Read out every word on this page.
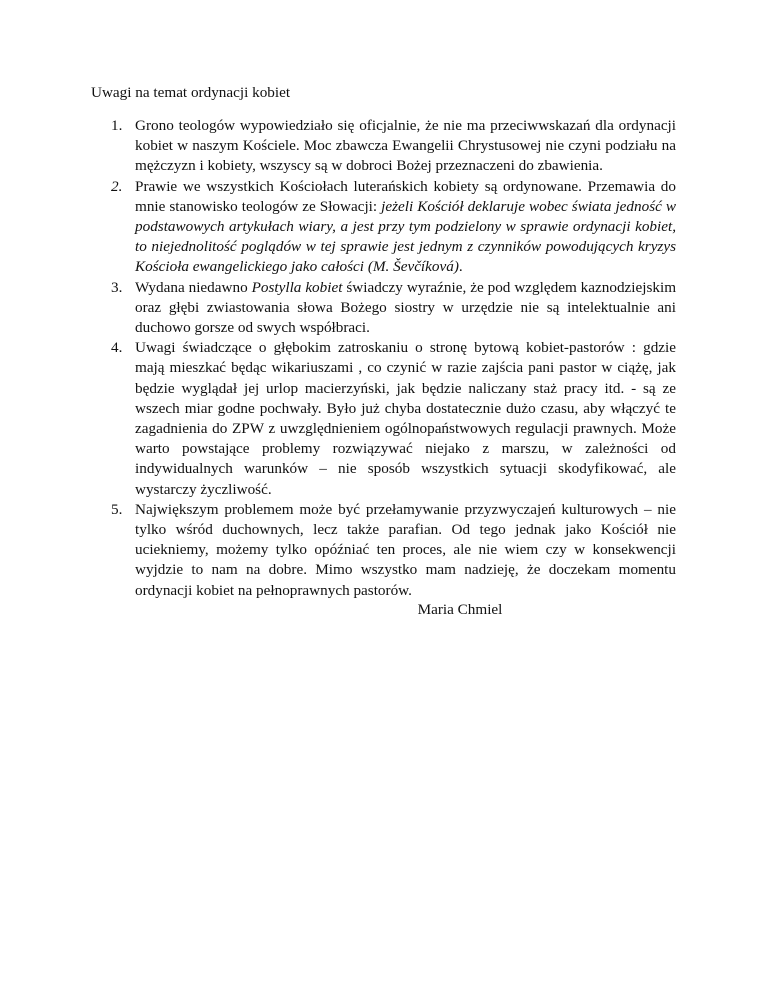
Uwagi na temat ordynacji kobiet
1. Grono teologów wypowiedziało się oficjalnie, że nie ma przeciwwskazań dla ordynacji kobiet w naszym Kościele. Moc zbawcza Ewangelii Chrystusowej nie czyni podziału na mężczyzn i kobiety, wszyscy są w dobroci Bożej przeznaczeni do zbawienia.
2. Prawie we wszystkich Kościołach luterańskich kobiety są ordynowane. Przemawia do mnie stanowisko teologów ze Słowacji: jeżeli Kościół deklaruje wobec świata jedność w podstawowych artykułach wiary, a jest przy tym podzielony w sprawie ordynacji kobiet, to niejednolitość poglądów w tej sprawie jest jednym z czynników powodujących kryzys Kościoła ewangelickiego jako całości (M. Ševčíková).
3. Wydana niedawno Postylla kobiet świadczy wyraźnie, że pod względem kaznodziejskim oraz głębi zwiastowania słowa Bożego siostry w urzędzie nie są intelektualnie ani duchowo gorsze od swych współbraci.
4. Uwagi świadczące o głębokim zatroskaniu o stronę bytową kobiet-pastorów : gdzie mają mieszkać będąc wikariuszami , co czynić w razie zajścia pani pastor w ciążę, jak będzie wyglądał jej urlop macierzyński, jak będzie naliczany staż pracy itd. - są ze wszech miar godne pochwały. Było już chyba dostatecznie dużo czasu, aby włączyć te zagadnienia do ZPW z uwzględnieniem ogólnopaństwowych regulacji prawnych. Może warto powstające problemy rozwiązywać niejako z marszu, w zależności od indywidualnych warunków – nie sposób wszystkich sytuacji skodyfikować, ale wystarczy życzliwość.
5. Największym problemem może być przełamywanie przyzwyczajeń kulturowych – nie tylko wśród duchownych, lecz także parafian. Od tego jednak jako Kościół nie uciekniemy, możemy tylko opóźniać ten proces, ale nie wiem czy w konsekwencji wyjdzie to nam na dobre. Mimo wszystko mam nadzieję, że doczekam momentu ordynacji kobiet na pełnoprawnych pastorów.
Maria Chmiel
